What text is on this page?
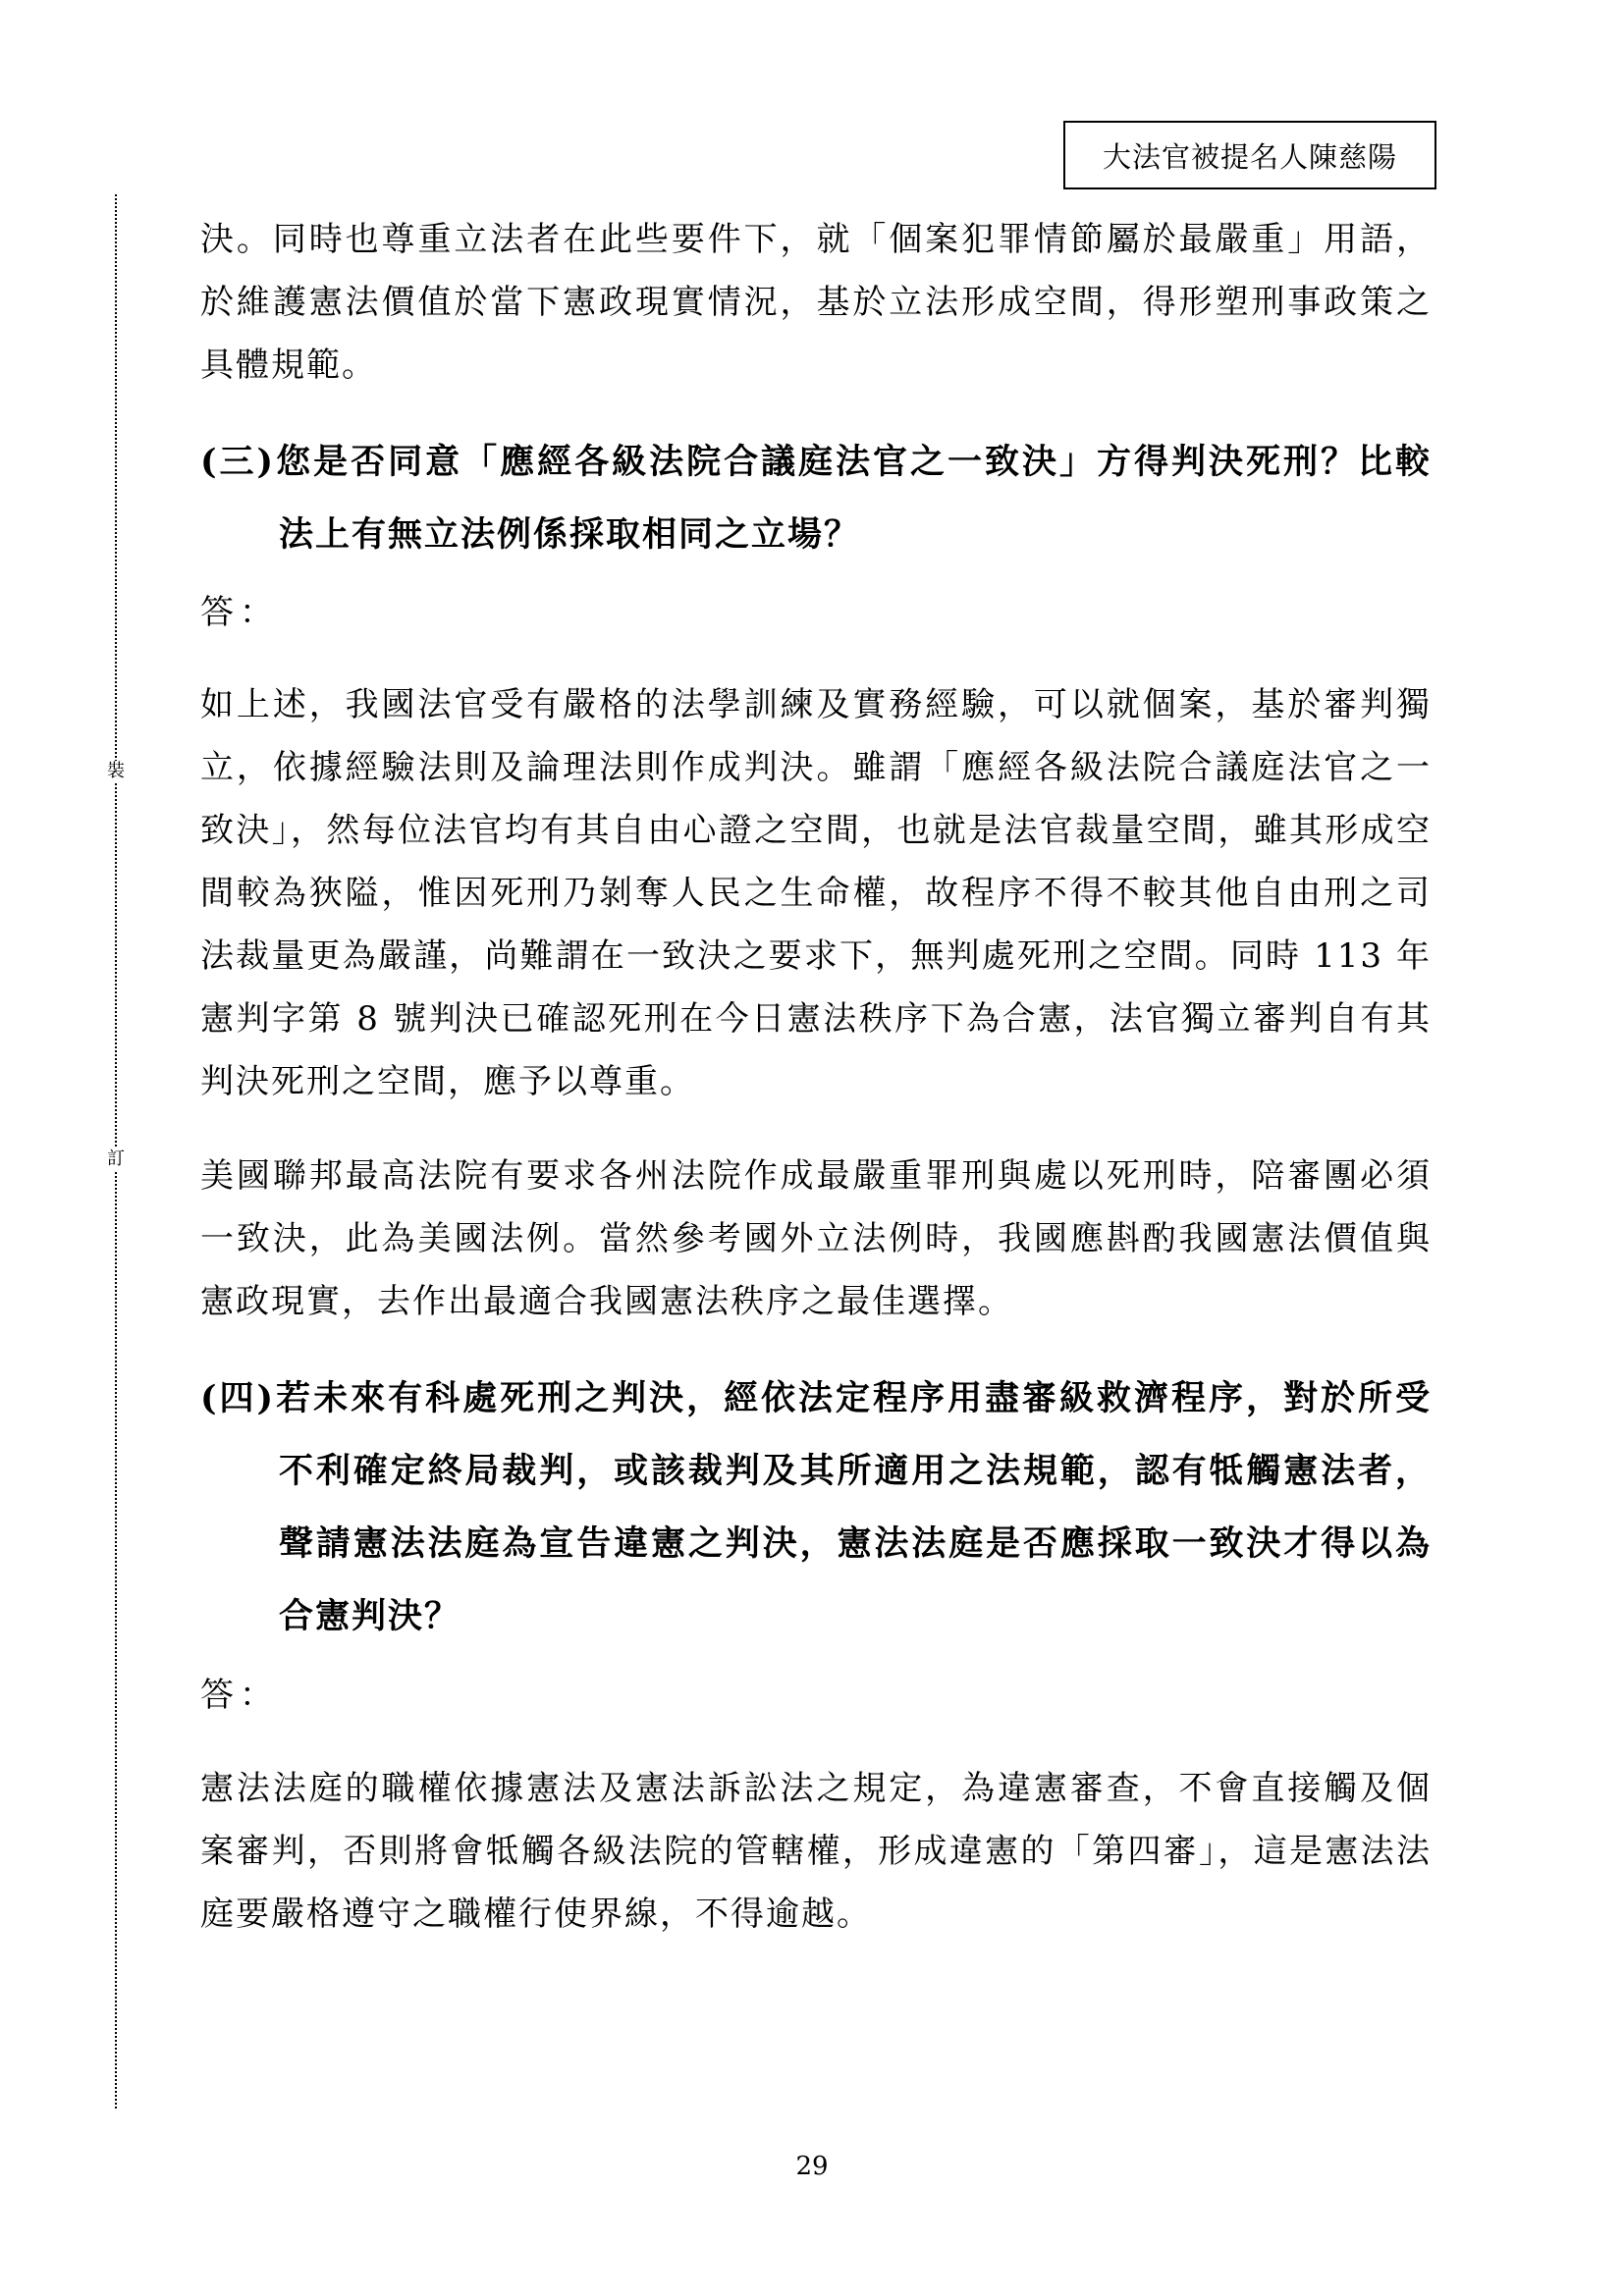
大法官被提名人陳慈陽
裝
訂

決。同時也尊重立法者在此些要件下，就「個案犯罪情節屬於最嚴重」用語，於維護憲法價值於當下憲政現實情況，基於立法形成空間，得形塑刑事政策之具體規範。

(三)您是否同意「應經各級法院合議庭法官之一致決」方得判決死刑？比較法上有無立法例係採取相同之立場？

答：

如上述，我國法官受有嚴格的法學訓練及實務經驗，可以就個案，基於審判獨立，依據經驗法則及論理法則作成判決。雖謂「應經各級法院合議庭法官之一致決」，然每位法官均有其自由心證之空間，也就是法官裁量空間，雖其形成空間較為狹隘，惟因死刑乃剝奪人民之生命權，故程序不得不較其他自由刑之司法裁量更為嚴謹，尚難謂在一致決之要求下，無判處死刑之空間。同時 113 年憲判字第 8 號判決已確認死刑在今日憲法秩序下為合憲，法官獨立審判自有其判決死刑之空間，應予以尊重。

美國聯邦最高法院有要求各州法院作成最嚴重罪刑與處以死刑時，陪審團必須一致決，此為美國法例。當然參考國外立法例時，我國應斟酌我國憲法價值與憲政現實，去作出最適合我國憲法秩序之最佳選擇。

(四)若未來有科處死刑之判決，經依法定程序用盡審級救濟程序，對於所受不利確定終局裁判，或該裁判及其所適用之法規範，認有牴觸憲法者，聲請憲法法庭為宣告違憲之判決，憲法法庭是否應採取一致決才得以為合憲判決？

答：

憲法法庭的職權依據憲法及憲法訴訟法之規定，為違憲審查，不會直接觸及個案審判，否則將會牴觸各級法院的管轄權，形成違憲的「第四審」，這是憲法法庭要嚴格遵守之職權行使界線，不得逾越。

29
